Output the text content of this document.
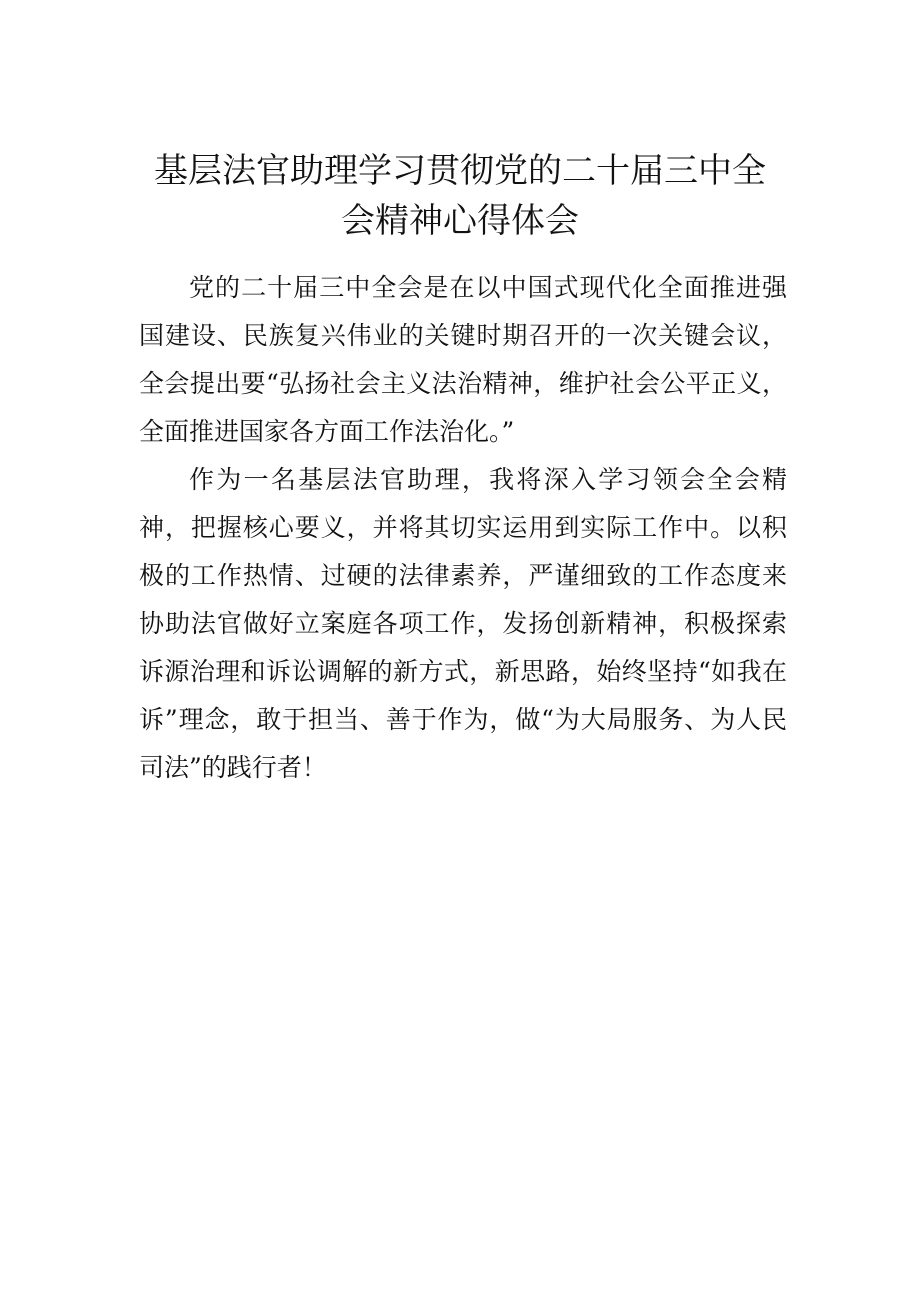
基层法官助理学习贯彻党的二十届三中全
会精神心得体会

党的二十届三中全会是在以中国式现代化全面推进强国建设、民族复兴伟业的关键时期召开的一次关键会议，全会提出要“弘扬社会主义法治精神，维护社会公平正义，全面推进国家各方面工作法治化。”

作为一名基层法官助理，我将深入学习领会全会精神，把握核心要义，并将其切实运用到实际工作中。以积极的工作热情、过硬的法律素养，严谨细致的工作态度来协助法官做好立案庭各项工作，发扬创新精神，积极探索诉源治理和诉讼调解的新方式，新思路，始终坚持“如我在诉”理念，敢于担当、善于作为，做“为大局服务、为人民司法”的践行者！
